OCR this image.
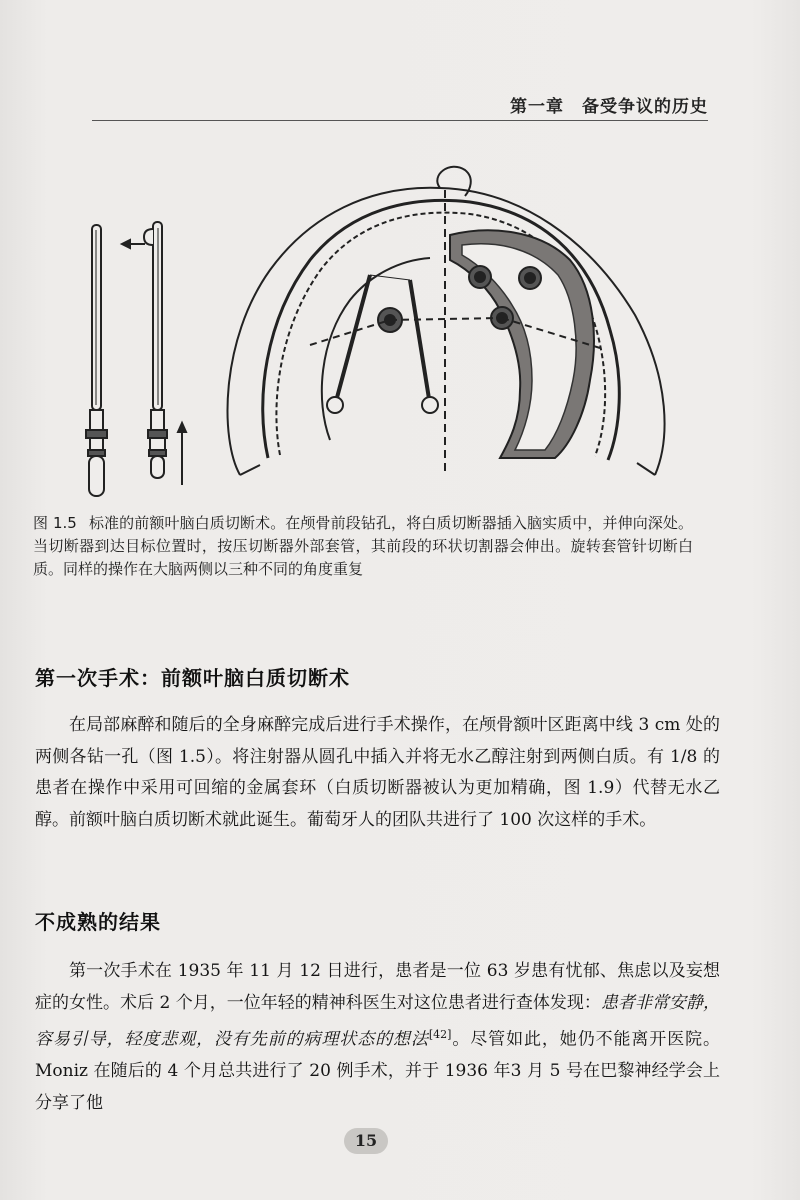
第一章　备受争议的历史
图 1.5 标准的前额叶脑白质切断术。在颅骨前段钻孔，将白质切断器插入脑实质中，并伸向深处。当切断器到达目标位置时，按压切断器外部套管，其前段的环状切割器会伸出。旋转套管针切断白质。同样的操作在大脑两侧以三种不同的角度重复
第一次手术：前额叶脑白质切断术

在局部麻醉和随后的全身麻醉完成后进行手术操作，在颅骨额叶区距离中线 3 cm 处的两侧各钻一孔（图 1.5）。将注射器从圆孔中插入并将无水乙醇注射到两侧白质。有 1/8 的患者在操作中采用可回缩的金属套环（白质切断器被认为更加精确，图 1.9）代替无水乙醇。前额叶脑白质切断术就此诞生。葡萄牙人的团队共进行了 100 次这样的手术。

不成熟的结果

第一次手术在 1935 年 11 月 12 日进行，患者是一位 63 岁患有忧郁、焦虑以及妄想症的女性。术后 2 个月，一位年轻的精神科医生对这位患者进行查体发现：患者非常安静，容易引导，轻度悲观，没有先前的病理状态的想法[42]。尽管如此，她仍不能离开医院。Moniz 在随后的 4 个月总共进行了 20 例手术，并于 1936 年3 月 5 号在巴黎神经学会上分享了他

15
